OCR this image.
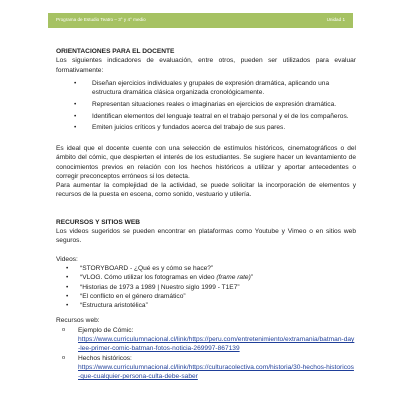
Programa de Estudio Teatro – 3° y 4° medio	Unidad 1
ORIENTACIONES PARA EL DOCENTE

Los siguientes indicadores de evaluación, entre otros, pueden ser utilizados para evaluar formativamente:

• Diseñan ejercicios individuales y grupales de expresión dramática, aplicando una estructura dramática clásica organizada cronológicamente.
• Representan situaciones reales o imaginarias en ejercicios de expresión dramática.
• Identifican elementos del lenguaje teatral en el trabajo personal y el de los compañeros.
• Emiten juicios críticos y fundados acerca del trabajo de sus pares.

Es ideal que el docente cuente con una selección de estímulos históricos, cinematográficos o del ámbito del cómic, que despierten el interés de los estudiantes. Se sugiere hacer un levantamiento de conocimientos previos en relación con los hechos históricos a utilizar y aportar antecedentes o corregir preconceptos erróneos si los detecta.

Para aumentar la complejidad de la actividad, se puede solicitar la incorporación de elementos y recursos de la puesta en escena, como sonido, vestuario y utilería.

RECURSOS Y SITIOS WEB

Los videos sugeridos se pueden encontrar en plataformas como Youtube y Vimeo o en sitios web seguros.

Videos:
• “STORYBOARD - ¿Qué es y cómo se hace?”
• “VLOG. Cómo utilizar los fotogramas en video (frame rate)”
• “Historias de 1973 a 1989 | Nuestro siglo 1999 - T1E7”
• “El conflicto en el género dramático”
• “Estructura aristotélica”
Recursos web:
o Ejemplo de Cómic:
https://www.curriculumnacional.cl/link/https://peru.com/entretenimiento/extramania/batman-day-lee-primer-comic-batman-fotos-noticia-269997-867139
o Hechos históricos:
https://www.curriculumnacional.cl/link/https://culturacolectiva.com/historia/30-hechos-historicos-que-cualquier-persona-culta-debe-saber
